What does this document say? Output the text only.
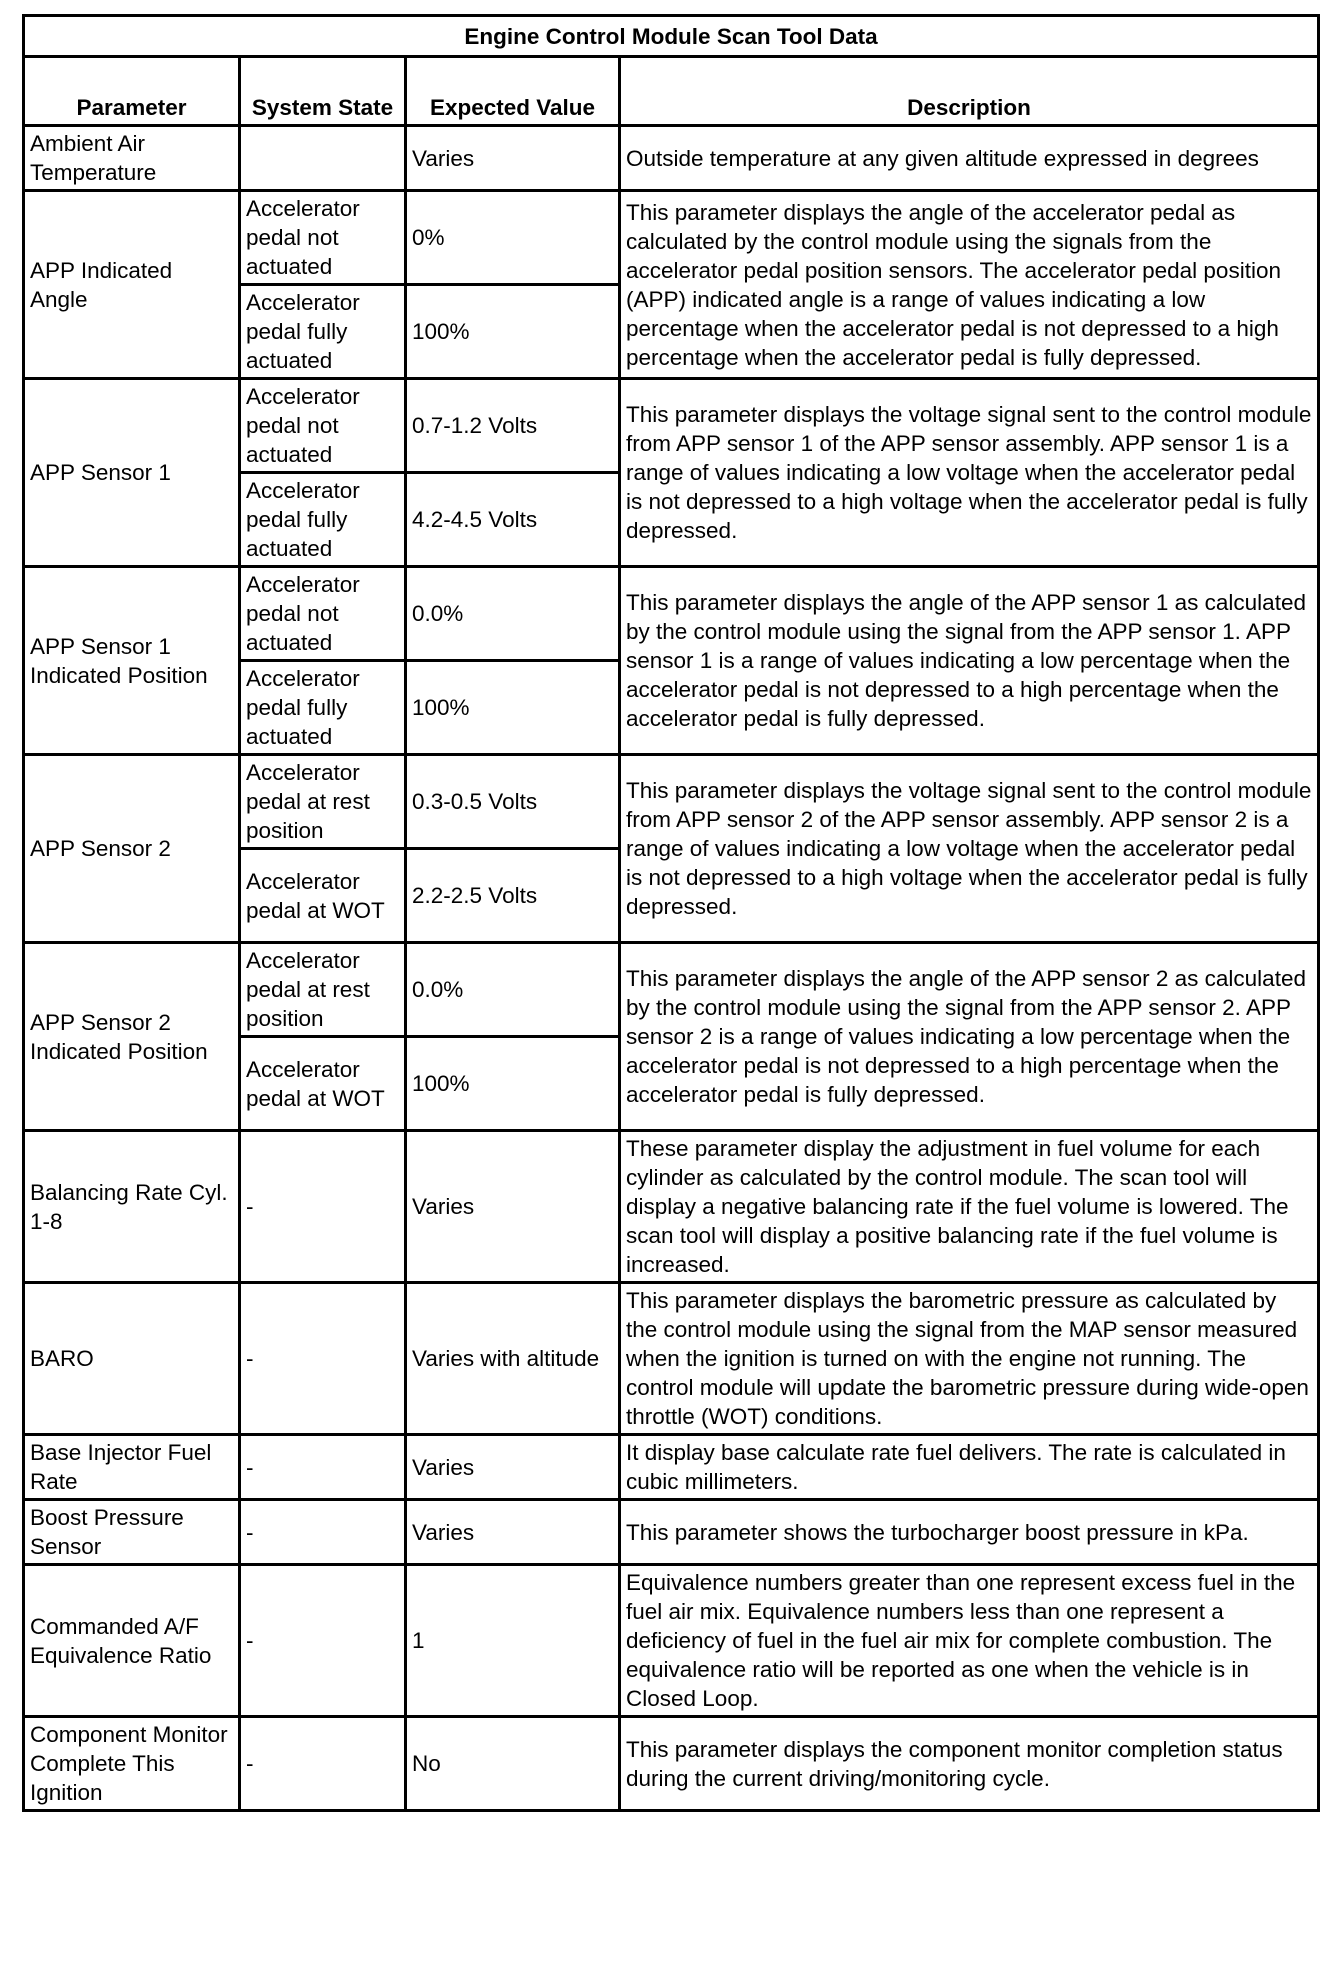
Engine Control Module Scan Tool Data			
Parameter	System State	Expected Value	Description
Ambient Air Temperature		Varies	Outside temperature at any given altitude expressed in degrees
APP Indicated Angle	Accelerator pedal not actuated	0%	This parameter displays the angle of the accelerator pedal as calculated by the control module using the signals from the accelerator pedal position sensors. The accelerator pedal position (APP) indicated angle is a range of values indicating a low percentage when the accelerator pedal is not depressed to a high percentage when the accelerator pedal is fully depressed.
	Accelerator pedal fully actuated	100%	
APP Sensor 1	Accelerator pedal not actuated	0.7-1.2 Volts	This parameter displays the voltage signal sent to the control module from APP sensor 1 of the APP sensor assembly. APP sensor 1 is a range of values indicating a low voltage when the accelerator pedal is not depressed to a high voltage when the accelerator pedal is fully depressed.
	Accelerator pedal fully actuated	4.2-4.5 Volts	
APP Sensor 1 Indicated Position	Accelerator pedal not actuated	0.0%	This parameter displays the angle of the APP sensor 1 as calculated by the control module using the signal from the APP sensor 1. APP sensor 1 is a range of values indicating a low percentage when the accelerator pedal is not depressed to a high percentage when the accelerator pedal is fully depressed.
	Accelerator pedal fully actuated	100%	
APP Sensor 2	Accelerator pedal at rest position	0.3-0.5 Volts	This parameter displays the voltage signal sent to the control module from APP sensor 2 of the APP sensor assembly. APP sensor 2 is a range of values indicating a low voltage when the accelerator pedal is not depressed to a high voltage when the accelerator pedal is fully depressed.
	Accelerator pedal at WOT	2.2-2.5 Volts	
APP Sensor 2 Indicated Position	Accelerator pedal at rest position	0.0%	This parameter displays the angle of the APP sensor 2 as calculated by the control module using the signal from the APP sensor 2. APP sensor 2 is a range of values indicating a low percentage when the accelerator pedal is not depressed to a high percentage when the accelerator pedal is fully depressed.
	Accelerator pedal at WOT	100%	
Balancing Rate Cyl. 1-8	-	Varies	These parameter display the adjustment in fuel volume for each cylinder as calculated by the control module. The scan tool will display a negative balancing rate if the fuel volume is lowered. The scan tool will display a positive balancing rate if the fuel volume is increased.
BARO	-	Varies with altitude	This parameter displays the barometric pressure as calculated by the control module using the signal from the MAP sensor measured when the ignition is turned on with the engine not running. The control module will update the barometric pressure during wide-open throttle (WOT) conditions.
Base Injector Fuel Rate	-	Varies	It display base calculate rate fuel delivers. The rate is calculated in cubic millimeters.
Boost Pressure Sensor	-	Varies	This parameter shows the turbocharger boost pressure in kPa.
Commanded A/F Equivalence Ratio	-	1	Equivalence numbers greater than one represent excess fuel in the fuel air mix. Equivalence numbers less than one represent a deficiency of fuel in the fuel air mix for complete combustion. The equivalence ratio will be reported as one when the vehicle is in Closed Loop.
Component Monitor Complete This Ignition	-	No	This parameter displays the component monitor completion status during the current driving/monitoring cycle.
